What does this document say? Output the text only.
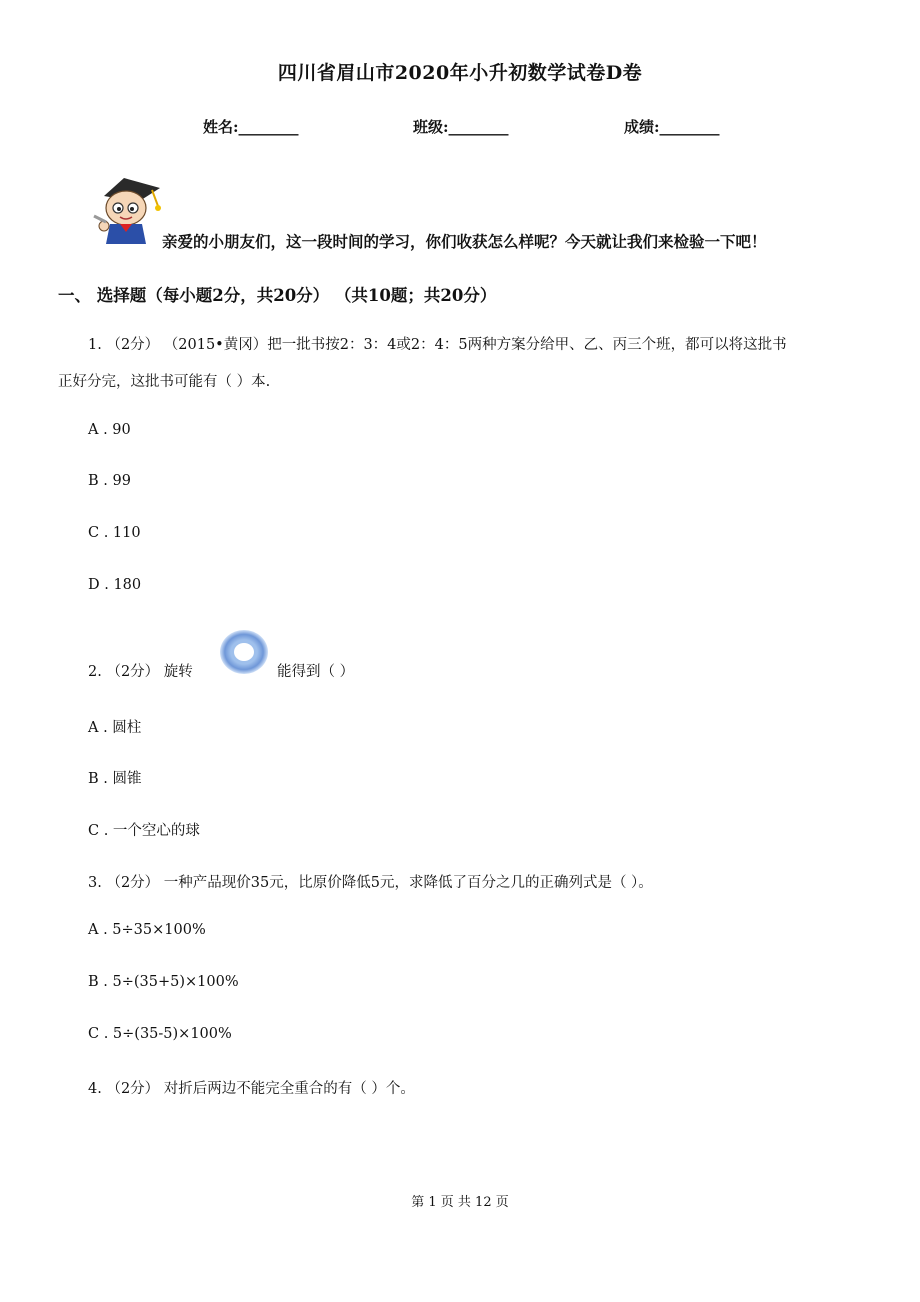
四川省眉山市2020年小升初数学试卷D卷
姓名:________	班级:________	成绩:________
亲爱的小朋友们，这一段时间的学习，你们收获怎么样呢？今天就让我们来检验一下吧！
一、 选择题（每小题2分，共20分） （共10题；共20分）
1. （2分） （2015•黄冈）把一批书按2：3：4或2：4：5两种方案分给甲、乙、丙三个班，都可以将这批书
正好分完，这批书可能有（ ）本.
A . 90
B . 99
C . 110
D . 180
2. （2分） 旋转	能得到（ ）
A . 圆柱
B . 圆锥
C . 一个空心的球
3. （2分） 一种产品现价35元，比原价降低5元，求降低了百分之几的正确列式是（ ）。
A . 5÷35×100%
B . 5÷(35+5)×100%
C . 5÷(35-5)×100%
4. （2分） 对折后两边不能完全重合的有（ ）个。
第 1 页 共 12 页
